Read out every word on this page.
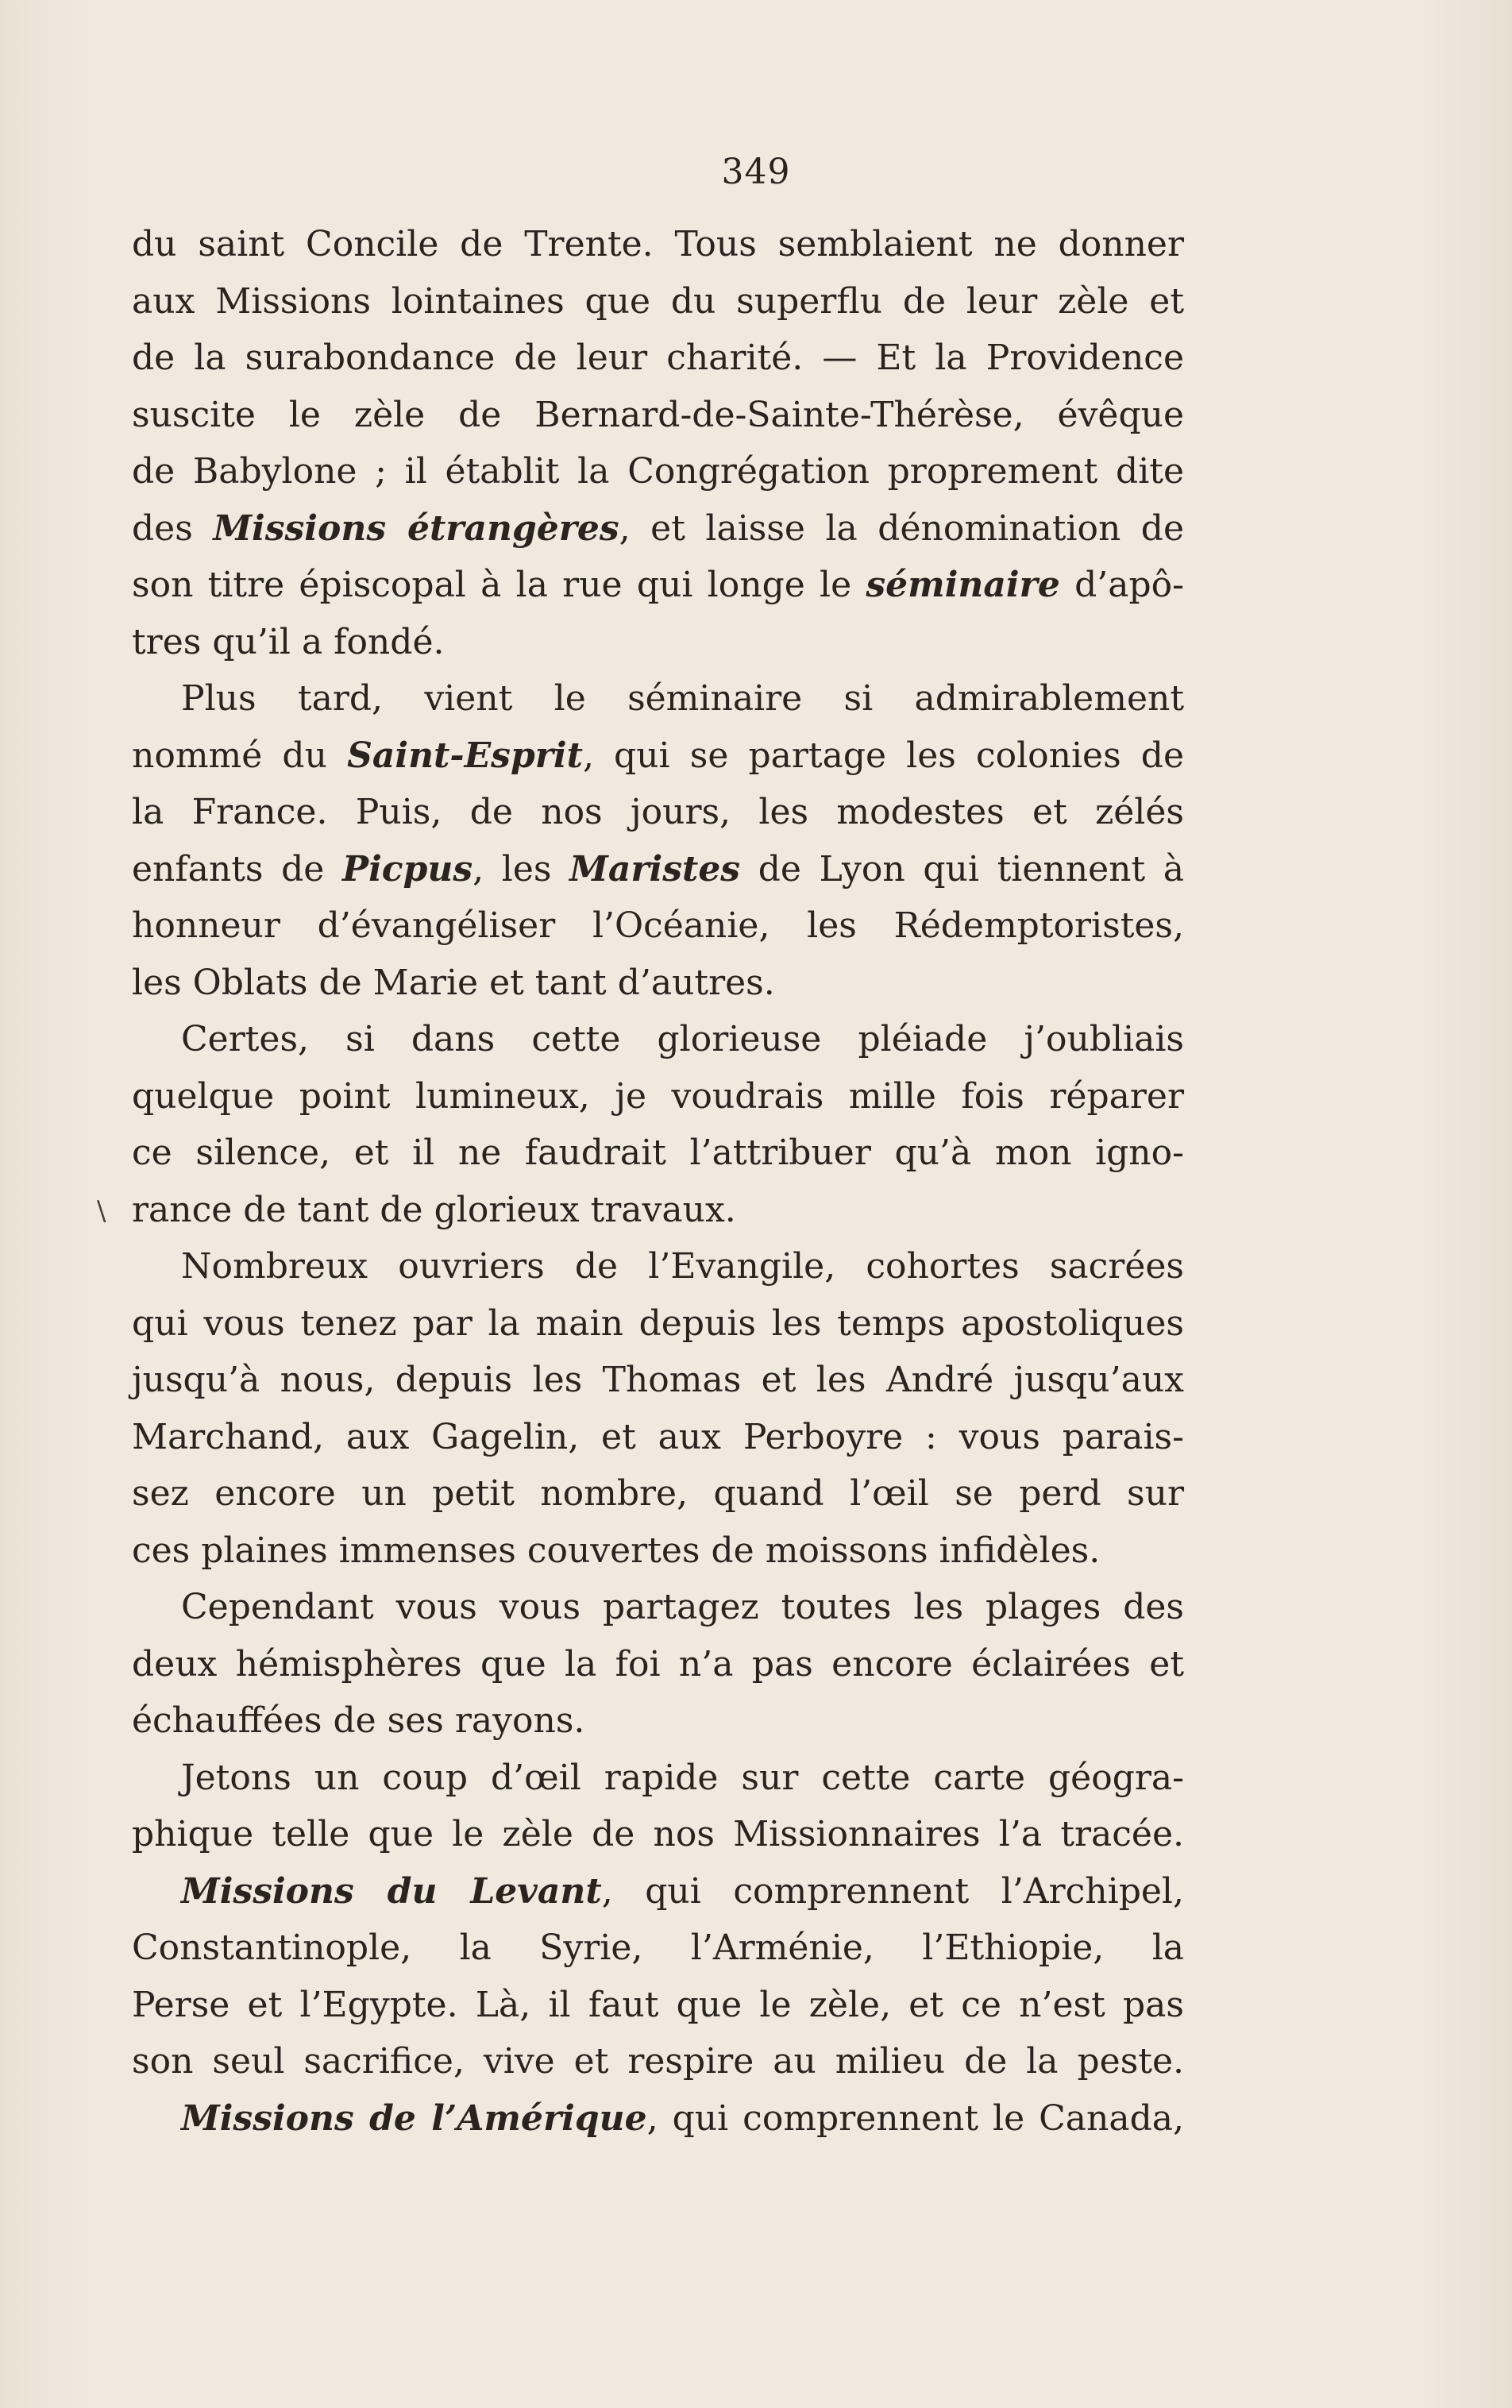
349
du saint Concile de Trente. Tous semblaient ne donner
aux Missions lointaines que du superflu de leur zèle et
de la surabondance de leur charité. — Et la Providence
suscite le zèle de Bernard-de-Sainte-Thérèse, évêque
de Babylone ; il établit la Congrégation proprement dite
des Missions étrangères, et laisse la dénomination de
son titre épiscopal à la rue qui longe le séminaire d’apô-
tres qu’il a fondé.
Plus tard, vient le séminaire si admirablement
nommé du Saint-Esprit, qui se partage les colonies de
la France. Puis, de nos jours, les modestes et zélés
enfants de Picpus, les Maristes de Lyon qui tiennent à
honneur d’évangéliser l’Océanie, les Rédemptoristes,
les Oblats de Marie et tant d’autres.
Certes, si dans cette glorieuse pléiade j’oubliais
quelque point lumineux, je voudrais mille fois réparer
ce silence, et il ne faudrait l’attribuer qu’à mon igno-
rance de tant de glorieux travaux.
Nombreux ouvriers de l’Evangile, cohortes sacrées
qui vous tenez par la main depuis les temps apostoliques
jusqu’à nous, depuis les Thomas et les André jusqu’aux
Marchand, aux Gagelin, et aux Perboyre : vous parais-
sez encore un petit nombre, quand l’œil se perd sur
ces plaines immenses couvertes de moissons infidèles.
Cependant vous vous partagez toutes les plages des
deux hémisphères que la foi n’a pas encore éclairées et
échauffées de ses rayons.
Jetons un coup d’œil rapide sur cette carte géogra-
phique telle que le zèle de nos Missionnaires l’a tracée.
Missions du Levant, qui comprennent l’Archipel,
Constantinople, la Syrie, l’Arménie, l’Ethiopie, la
Perse et l’Egypte. Là, il faut que le zèle, et ce n’est pas
son seul sacrifice, vive et respire au milieu de la peste.
Missions de l’Amérique, qui comprennent le Canada,
\
